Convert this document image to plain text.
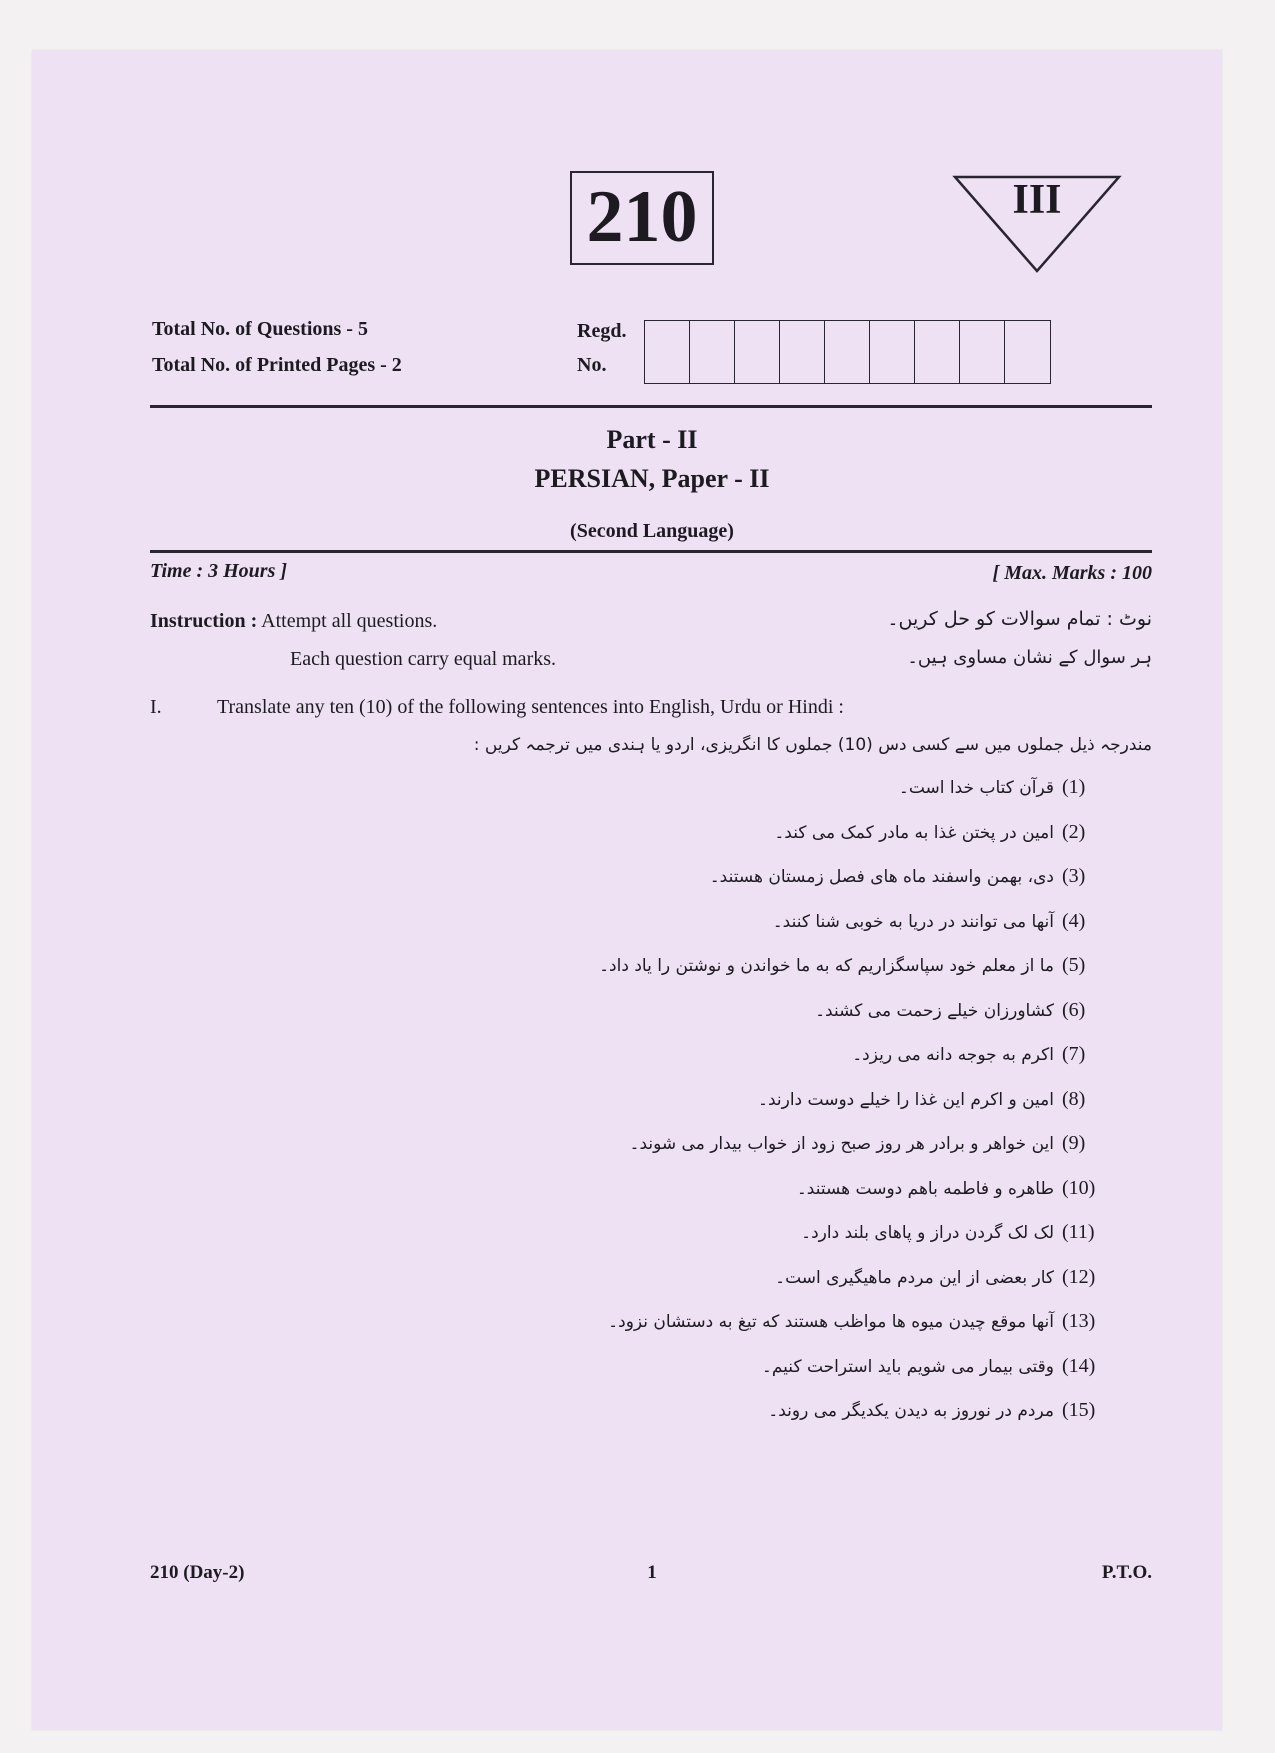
210	III
Total No. of Questions - 5
Total No. of Printed Pages - 2
Regd.
No.
Part - II
PERSIAN, Paper - II
(Second Language)
Time : 3 Hours ]	[ Max. Marks : 100
Instruction : Attempt all questions.
Each question carry equal marks.
نوٹ : تمام سوالات کو حل کریں۔
ہر سوال کے نشان مساوی ہیں۔
I.	Translate any ten (10) of the following sentences into English, Urdu or Hindi :
مندرجہ ذیل جملوں میں سے کسی دس (10) جملوں کا انگریزی، اردو یا ہندی میں ترجمہ کریں :
(1)
قرآن کتاب خدا است۔
(2)
امین در پختن غذا به مادر کمک می کند۔
(3)
دی، بهمن واسفند ماه های فصل زمستان هستند۔
(4)
آنها می توانند در دریا به خوبی شنا کنند۔
(5)
ما از معلم خود سپاسگزاریم که به ما خواندن و نوشتن را یاد داد۔
(6)
کشاورزان خیلے زحمت می کشند۔
(7)
اکرم به جوجه دانه می ریزد۔
(8)
امین و اکرم این غذا را خیلے دوست دارند۔
(9)
این خواهر و برادر هر روز صبح زود از خواب بیدار می شوند۔
(10)
طاهره و فاطمه باهم دوست هستند۔
(11)
لک لک گردن دراز و پاهای بلند دارد۔
(12)
کار بعضی از این مردم ماهیگیری است۔
(13)
آنها موقع چیدن میوه ها مواظب هستند که تیغ به دستشان نزود۔
(14)
وقتی بیمار می شویم باید استراحت کنیم۔
(15)
مردم در نوروز به دیدن یکدیگر می روند۔
210 (Day-2)	1	P.T.O.
